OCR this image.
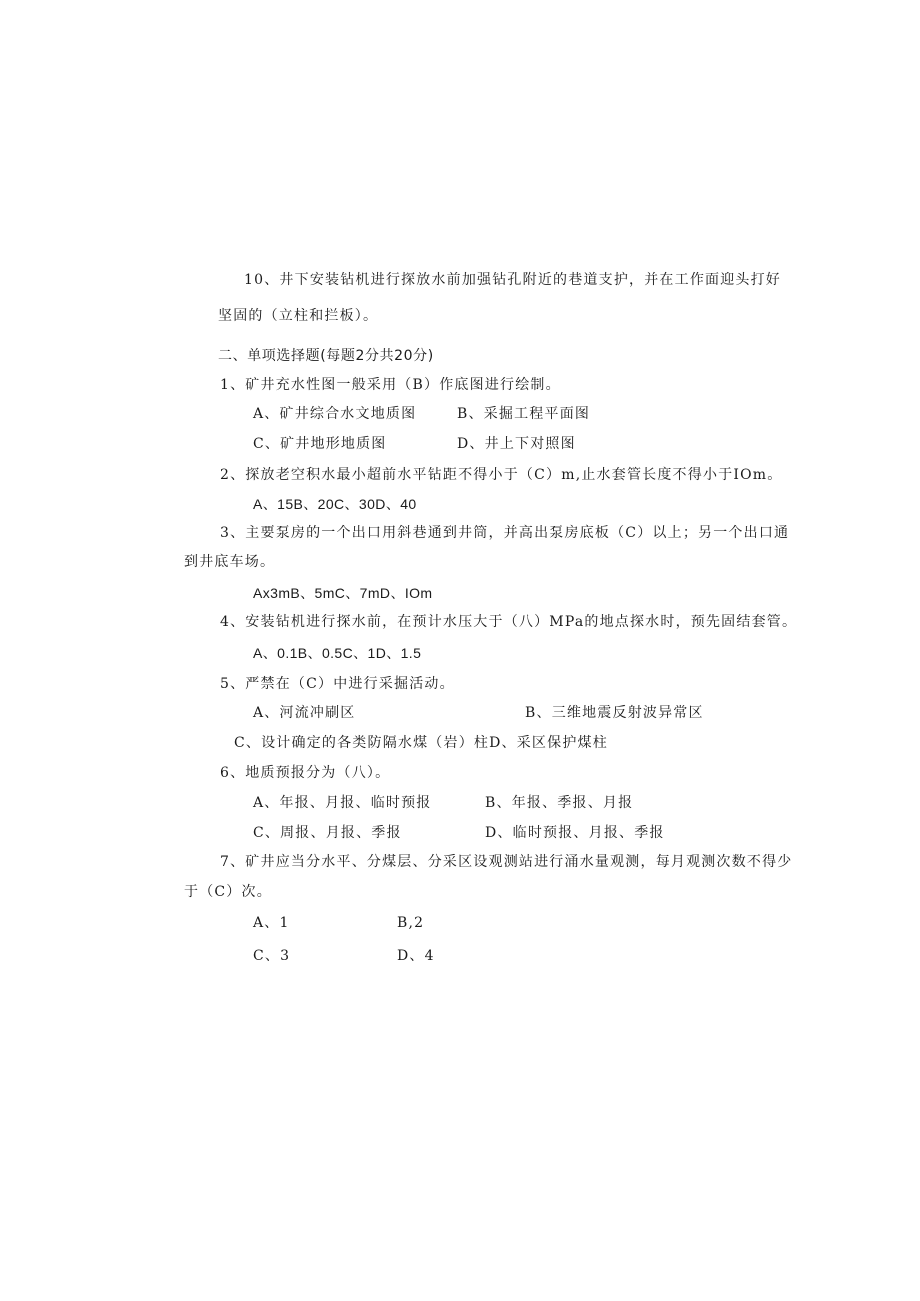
10、井下安装钻机进行探放水前加强钻孔附近的巷道支护，并在工作面迎头打好
坚固的（立柱和拦板）。
二、单项选择题(每题2分共20分)
1、矿井充水性图一般采用（B）作底图进行绘制。
A、矿井综合水文地质图	B、采掘工程平面图
C、矿井地形地质图	D、井上下对照图
2、探放老空积水最小超前水平钻距不得小于（C）m,止水套管长度不得小于IOm。
A、15B、20C、30D、40
3、主要泵房的一个出口用斜巷通到井筒，并高出泵房底板（C）以上；另一个出口通
到井底车场。
Ax3mB、5mC、7mD、IOm
4、安装钻机进行探水前，在预计水压大于（八）MPa的地点探水时，预先固结套管。
A、0.1B、0.5C、1D、1.5
5、严禁在（C）中进行采掘活动。
A、河流冲刷区	B、三维地震反射波异常区
C、设计确定的各类防隔水煤（岩）柱D、采区保护煤柱
6、地质预报分为（八）。
A、年报、月报、临时预报	B、年报、季报、月报
C、周报、月报、季报	D、临时预报、月报、季报
7、矿井应当分水平、分煤层、分采区设观测站进行涌水量观测，每月观测次数不得少
于（C）次。
A、1	B,2
C、3	D、4
